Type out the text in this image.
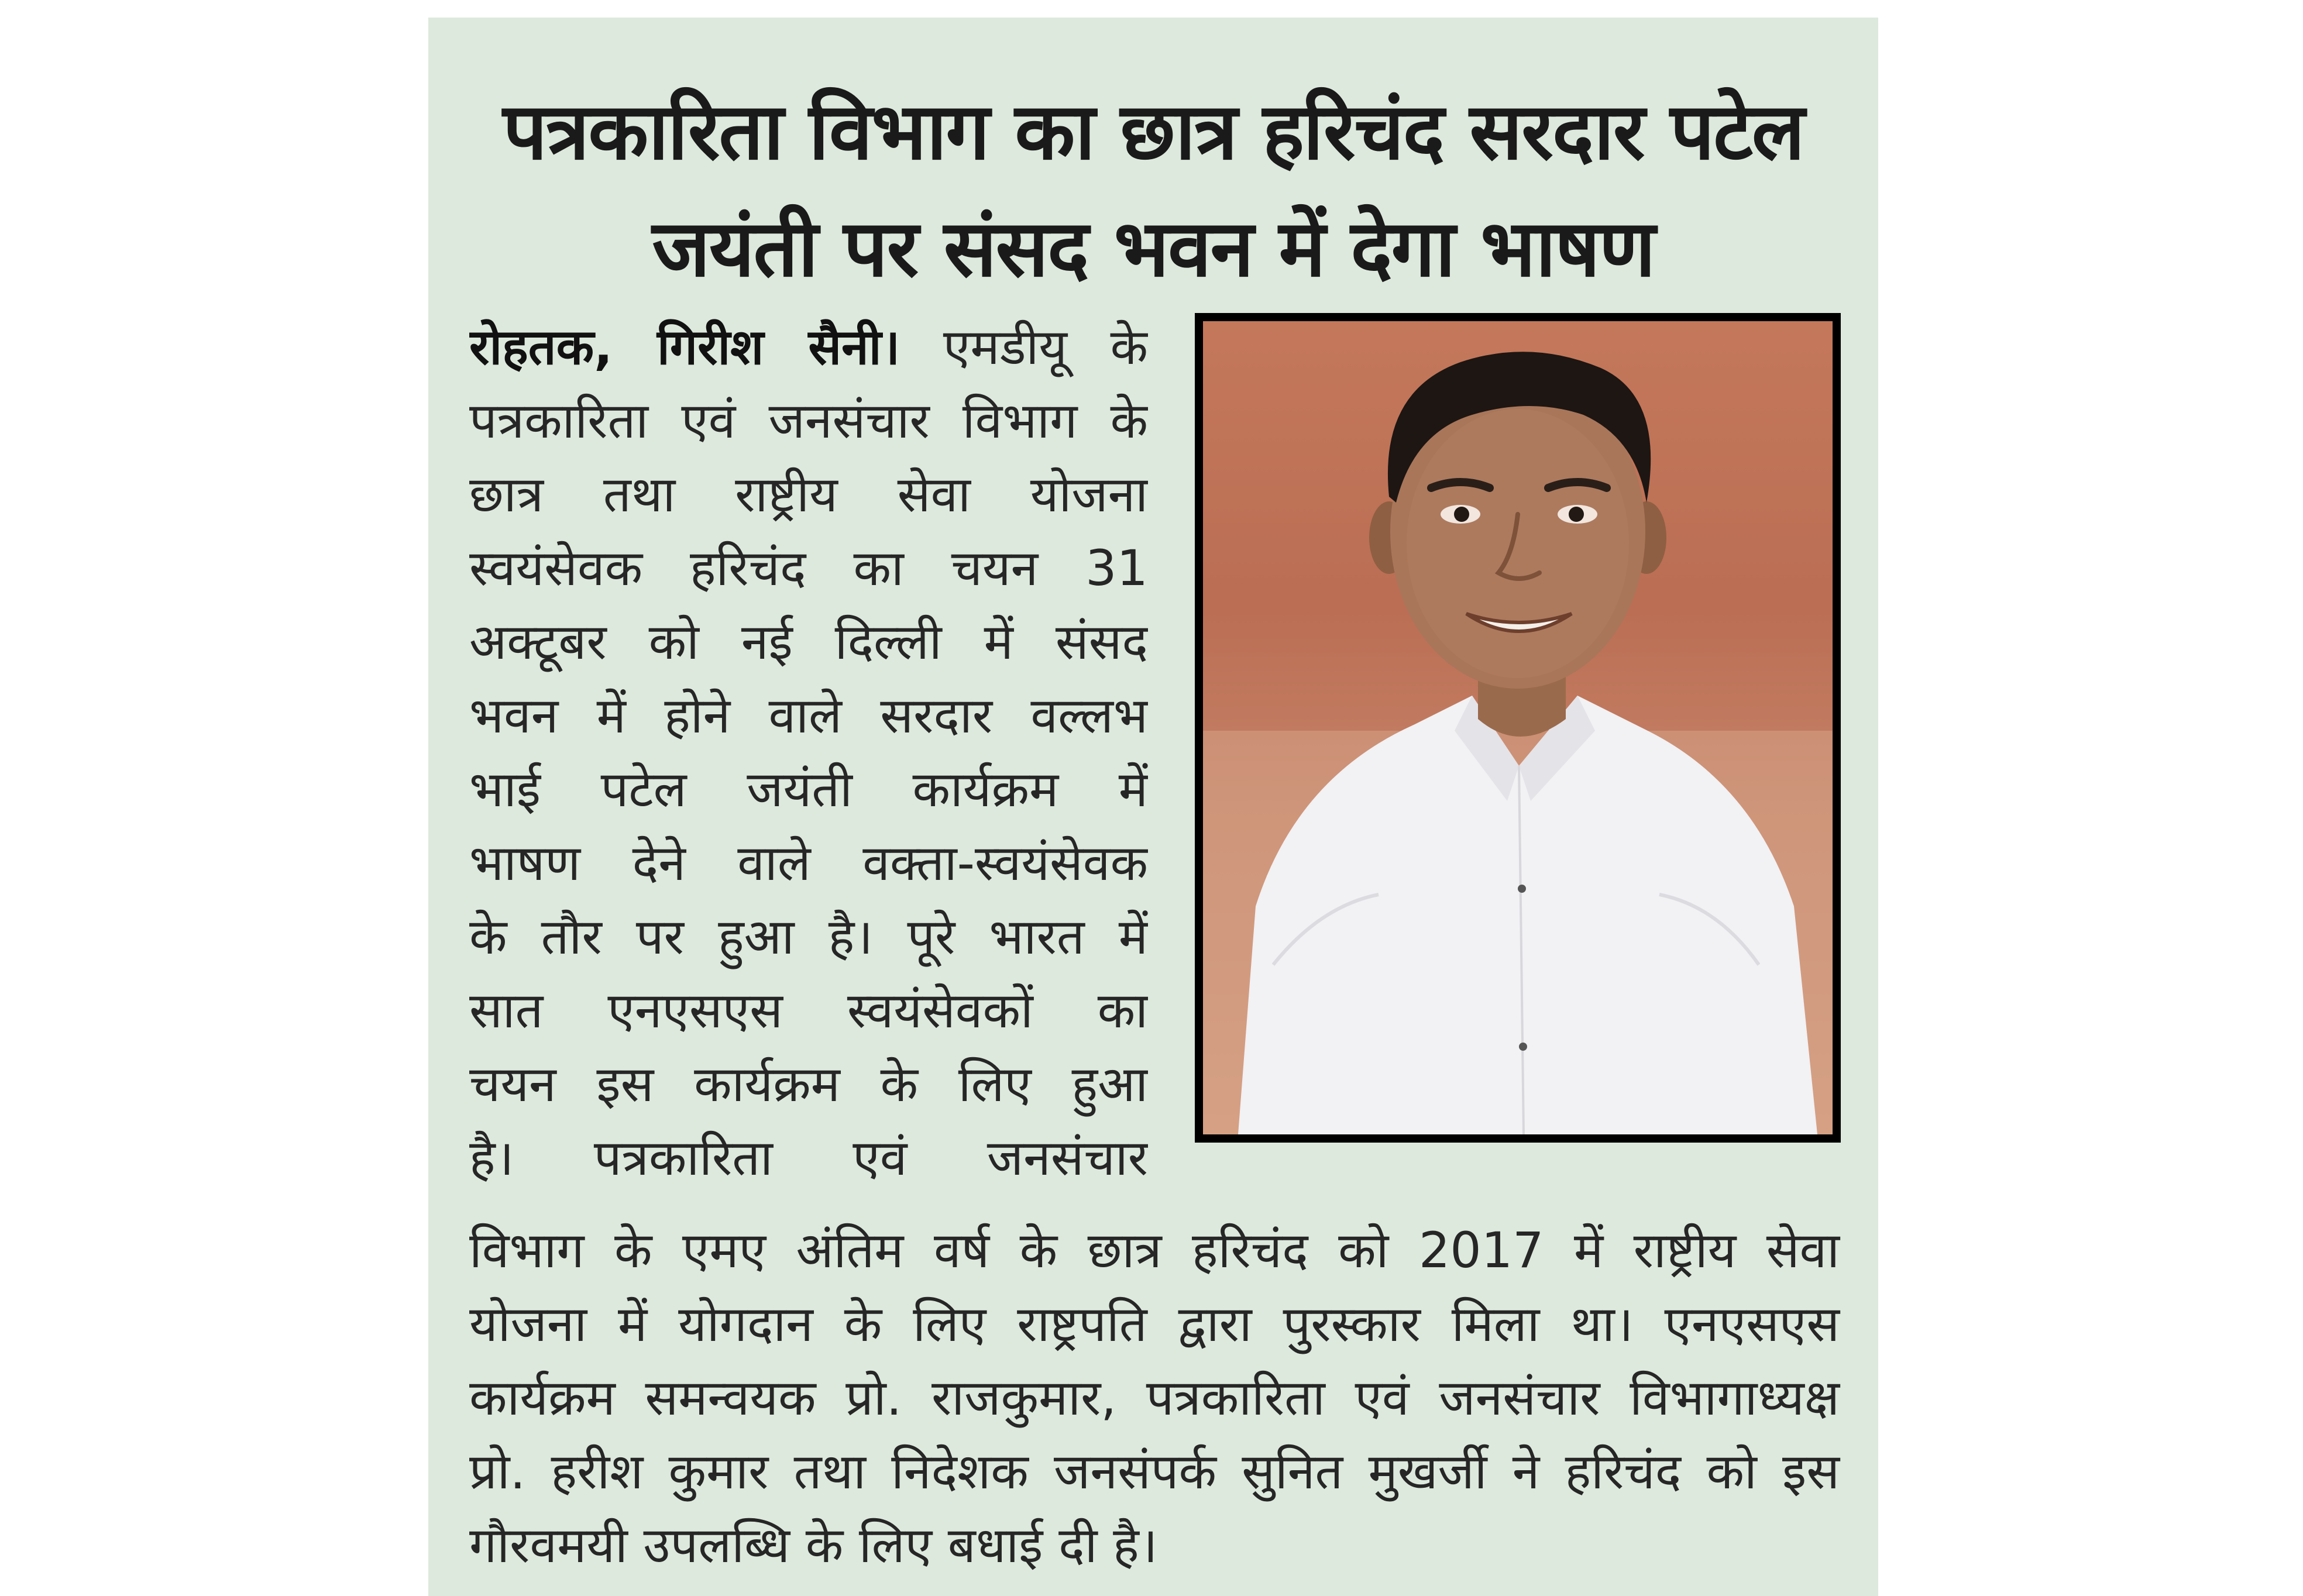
पत्रकारिता विभाग का छात्र हरिचंद सरदार पटेल
जयंती पर संसद भवन में देगा भाषण
रोहतक, गिरीश सैनी। एमडीयू के
पत्रकारिता एवं जनसंचार विभाग के
छात्र तथा राष्ट्रीय सेवा योजना
स्वयंसेवक हरिचंद का चयन 31
अक्टूबर को नई दिल्ली में संसद
भवन में होने वाले सरदार वल्लभ
भाई पटेल जयंती कार्यक्रम में
भाषण देने वाले वक्ता-स्वयंसेवक
के तौर पर हुआ है। पूरे भारत में
सात एनएसएस स्वयंसेवकों का
चयन इस कार्यक्रम के लिए हुआ
है। पत्रकारिता एवं जनसंचार
विभाग के एमए अंतिम वर्ष के छात्र हरिचंद को 2017 में राष्ट्रीय सेवा
योजना में योगदान के लिए राष्ट्रपति द्वारा पुरस्कार मिला था। एनएसएस
कार्यक्रम समन्वयक प्रो. राजकुमार, पत्रकारिता एवं जनसंचार विभागाध्यक्ष
प्रो. हरीश कुमार तथा निदेशक जनसंपर्क सुनित मुखर्जी ने हरिचंद को इस
गौरवमयी उपलब्धि के लिए बधाई दी है।
